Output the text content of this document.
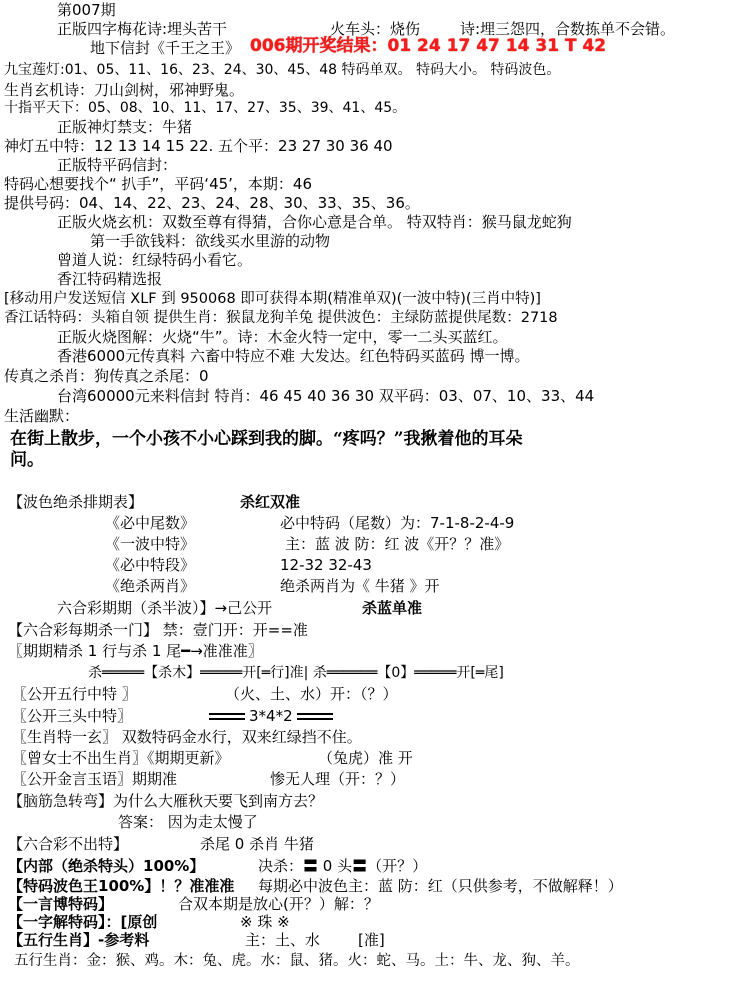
第007期
正版四字梅花诗:埋头苦干	火车头：烧伤	诗:埋三怨四，合数拣单不会错。
地下信封《千王之王》 006期开奖结果：01 24 17 47 14 31 T 42
九宝莲灯:01、05、11、16、23、24、30、45、48 特码单双。 特码大小。 特码波色。
生肖玄机诗：刀山剑树，邪神野鬼。
十指平天下：05、08、10、11、17、27、35、39、41、45。
正版神灯禁支：牛猪
神灯五中特：12 13 14 15 22. 五个平：23 27 30 36 40
正版特平码信封：
特码心想要找个“ 扒手”，平码‘45’，本期：46
提供号码：04、14、22、23、24、28、30、33、35、36。
正版火烧玄机：双数至尊有得猜，合你心意是合单。 特双特肖：猴马鼠龙蛇狗
第一手欲钱料：欲线买水里游的动物
曾道人说：红绿特码小看它。
香江特码精选报
[移动用户发送短信 XLF 到 950068 即可获得本期(精准单双)(一波中特)(三肖中特)]
香江话特码：头箱自领 提供生肖：猴鼠龙狗羊兔 提供波色：主绿防蓝提供尾数：2718
正版火烧图解：火烧“牛”。诗：木金火特一定中，零一二头买蓝红。
香港6000元传真料 六畜中特应不难 大发达。红色特码买蓝码 博一博。
传真之杀肖：狗传真之杀尾：0
台湾60000元来料信封 特肖：46 45 40 36 30 双平码：03、07、10、33、44
生活幽默：
在街上散步，一个小孩不小心踩到我的脚。“疼吗？”我揪着他的耳朵
问。
【波色绝杀排期表】	杀红双准
《必中尾数》	必中特码（尾数）为：7-1-8-2-4-9
《一波中特》	主：蓝 波 防：红 波《开？？准》
《必中特段》	12-32 32-43
《绝杀两肖》	绝杀两肖为《 牛猪 》开
六合彩期期（杀半波）】→己公开	杀蓝单准
【六合彩每期杀一门】 禁：壹门开：开==准
〖期期精杀 1 行与杀 1 尾━→准准准〗
杀═════【杀木】═════开[═行]准| 杀══════【0】═════开[═尾]
〖公开五行中特 〗	（火、土、水）开：（？）
〖公开三头中特〗	3*4*2
〖生肖特一玄〗 双数特码金水行，双来红绿挡不住。
〖曾女士不出生肖〗《期期更新》	（兔虎）准 开
〖公开金言玉语〗期期准	惨无人理（开：？）
【脑筋急转弯】为什么大雁秋天要飞到南方去？
答案： 因为走太慢了
【六合彩不出特】	杀尾 0 杀肖 牛猪
【内部（绝杀特头）100%】	决杀：〓 0 头〓（开？）
【特码波色王100%】！？准准准 每期必中波色主：蓝 防：红（只供参考，不做解释！）
【一言博特码】	合双本期是放心(开？）解：？
【一字解特码】：[原创	※ 珠 ※
【五行生肖】-参考料	主：土、水	[准]
五行生肖：金：猴、鸡。木：兔、虎。水：鼠、猪。火：蛇、马。土：牛、龙、狗、羊。
